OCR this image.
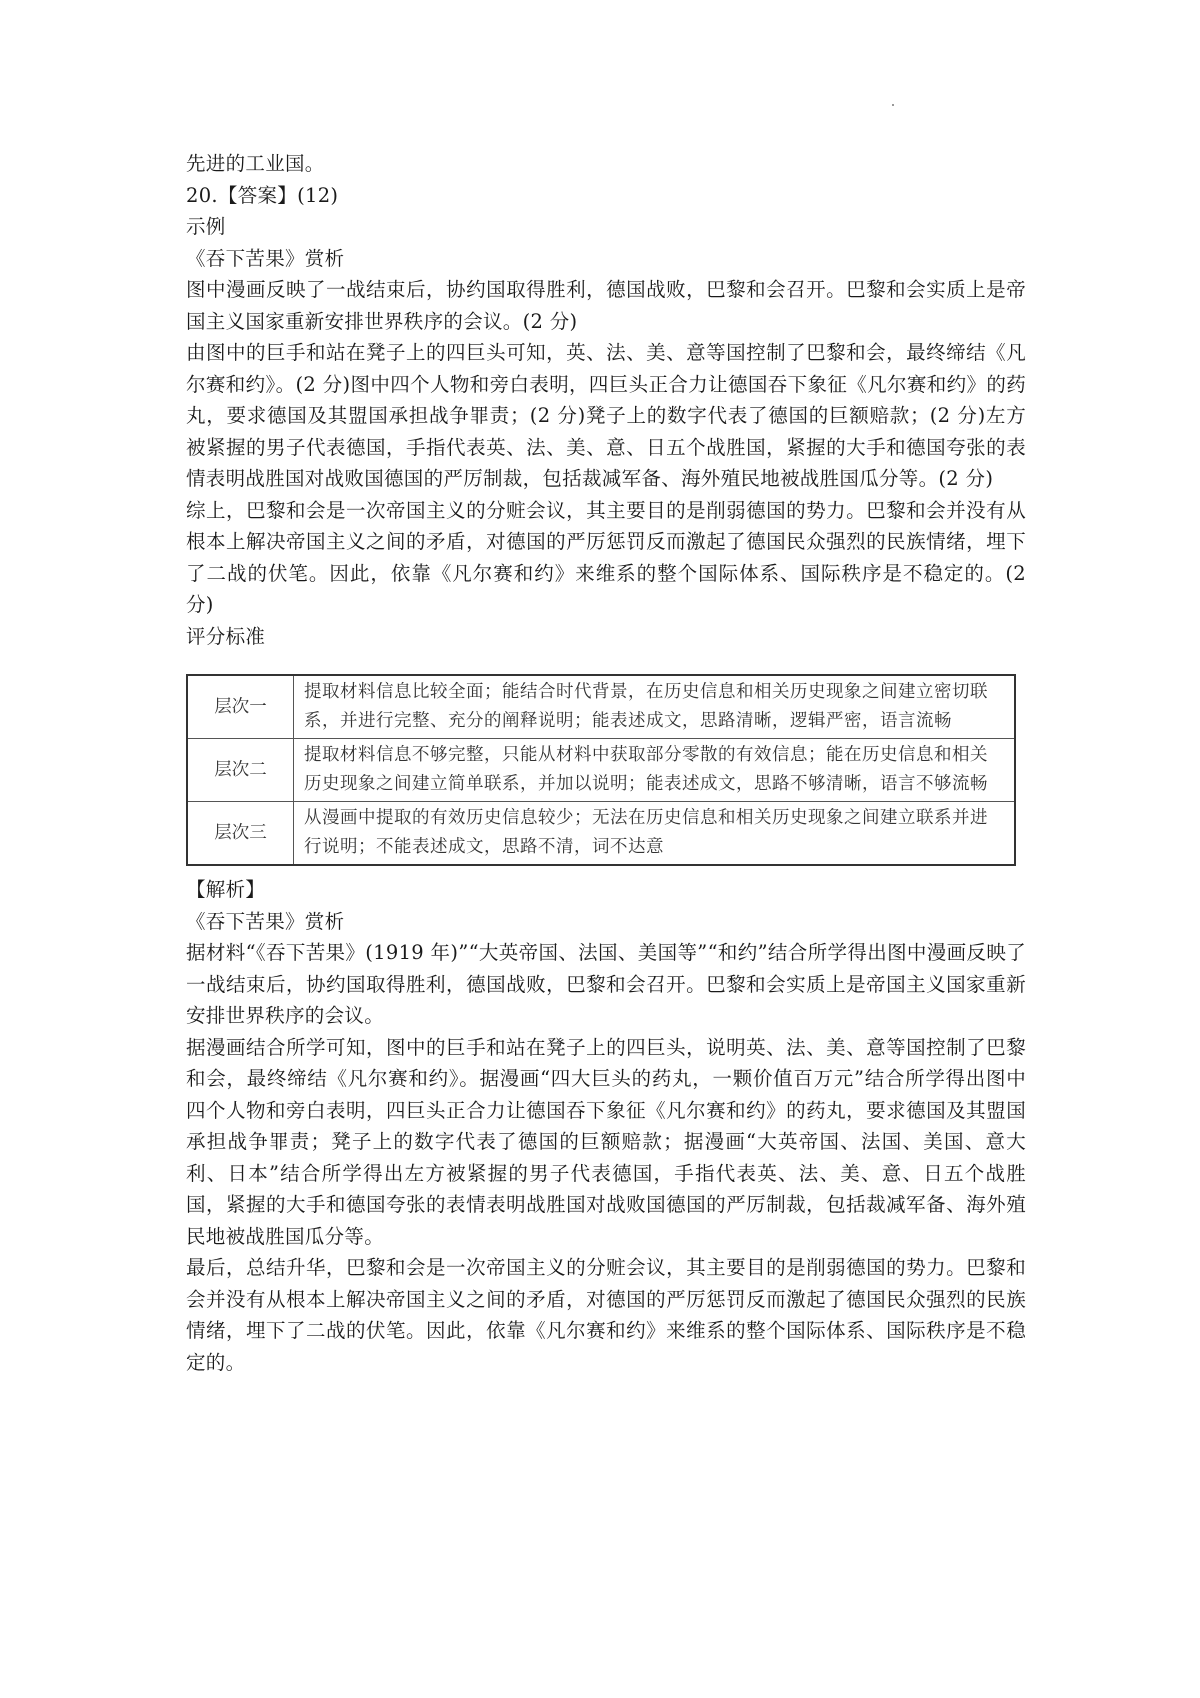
先进的工业国。
20.【答案】(12)
示例
《吞下苦果》赏析
图中漫画反映了一战结束后，协约国取得胜利，德国战败，巴黎和会召开。巴黎和会实质上是帝国主义国家重新安排世界秩序的会议。(2 分)
由图中的巨手和站在凳子上的四巨头可知，英、法、美、意等国控制了巴黎和会，最终缔结《凡尔赛和约》。(2 分)图中四个人物和旁白表明，四巨头正合力让德国吞下象征《凡尔赛和约》的药丸，要求德国及其盟国承担战争罪责；(2 分)凳子上的数字代表了德国的巨额赔款；(2 分)左方被紧握的男子代表德国，手指代表英、法、美、意、日五个战胜国，紧握的大手和德国夸张的表情表明战胜国对战败国德国的严厉制裁，包括裁减军备、海外殖民地被战胜国瓜分等。(2 分)
综上，巴黎和会是一次帝国主义的分赃会议，其主要目的是削弱德国的势力。巴黎和会并没有从根本上解决帝国主义之间的矛盾，对德国的严厉惩罚反而激起了德国民众强烈的民族情绪，埋下了二战的伏笔。因此，依靠《凡尔赛和约》来维系的整个国际体系、国际秩序是不稳定的。(2 分)
评分标准
层次一	提取材料信息比较全面；能结合时代背景，在历史信息和相关历史现象之间建立密切联系，并进行完整、充分的阐释说明；能表述成文，思路清晰，逻辑严密，语言流畅
层次二	提取材料信息不够完整，只能从材料中获取部分零散的有效信息；能在历史信息和相关历史现象之间建立简单联系，并加以说明；能表述成文，思路不够清晰，语言不够流畅
层次三	从漫画中提取的有效历史信息较少；无法在历史信息和相关历史现象之间建立联系并进行说明；不能表述成文，思路不清，词不达意
【解析】
《吞下苦果》赏析
据材料“《吞下苦果》(1919 年)”“大英帝国、法国、美国等”“和约”结合所学得出图中漫画反映了一战结束后，协约国取得胜利，德国战败，巴黎和会召开。巴黎和会实质上是帝国主义国家重新安排世界秩序的会议。
据漫画结合所学可知，图中的巨手和站在凳子上的四巨头，说明英、法、美、意等国控制了巴黎和会，最终缔结《凡尔赛和约》。据漫画“四大巨头的药丸，一颗价值百万元”结合所学得出图中四个人物和旁白表明，四巨头正合力让德国吞下象征《凡尔赛和约》的药丸，要求德国及其盟国承担战争罪责；凳子上的数字代表了德国的巨额赔款；据漫画“大英帝国、法国、美国、意大利、日本”结合所学得出左方被紧握的男子代表德国，手指代表英、法、美、意、日五个战胜国，紧握的大手和德国夸张的表情表明战胜国对战败国德国的严厉制裁，包括裁减军备、海外殖民地被战胜国瓜分等。
最后，总结升华，巴黎和会是一次帝国主义的分赃会议，其主要目的是削弱德国的势力。巴黎和会并没有从根本上解决帝国主义之间的矛盾，对德国的严厉惩罚反而激起了德国民众强烈的民族情绪，埋下了二战的伏笔。因此，依靠《凡尔赛和约》来维系的整个国际体系、国际秩序是不稳定的。
